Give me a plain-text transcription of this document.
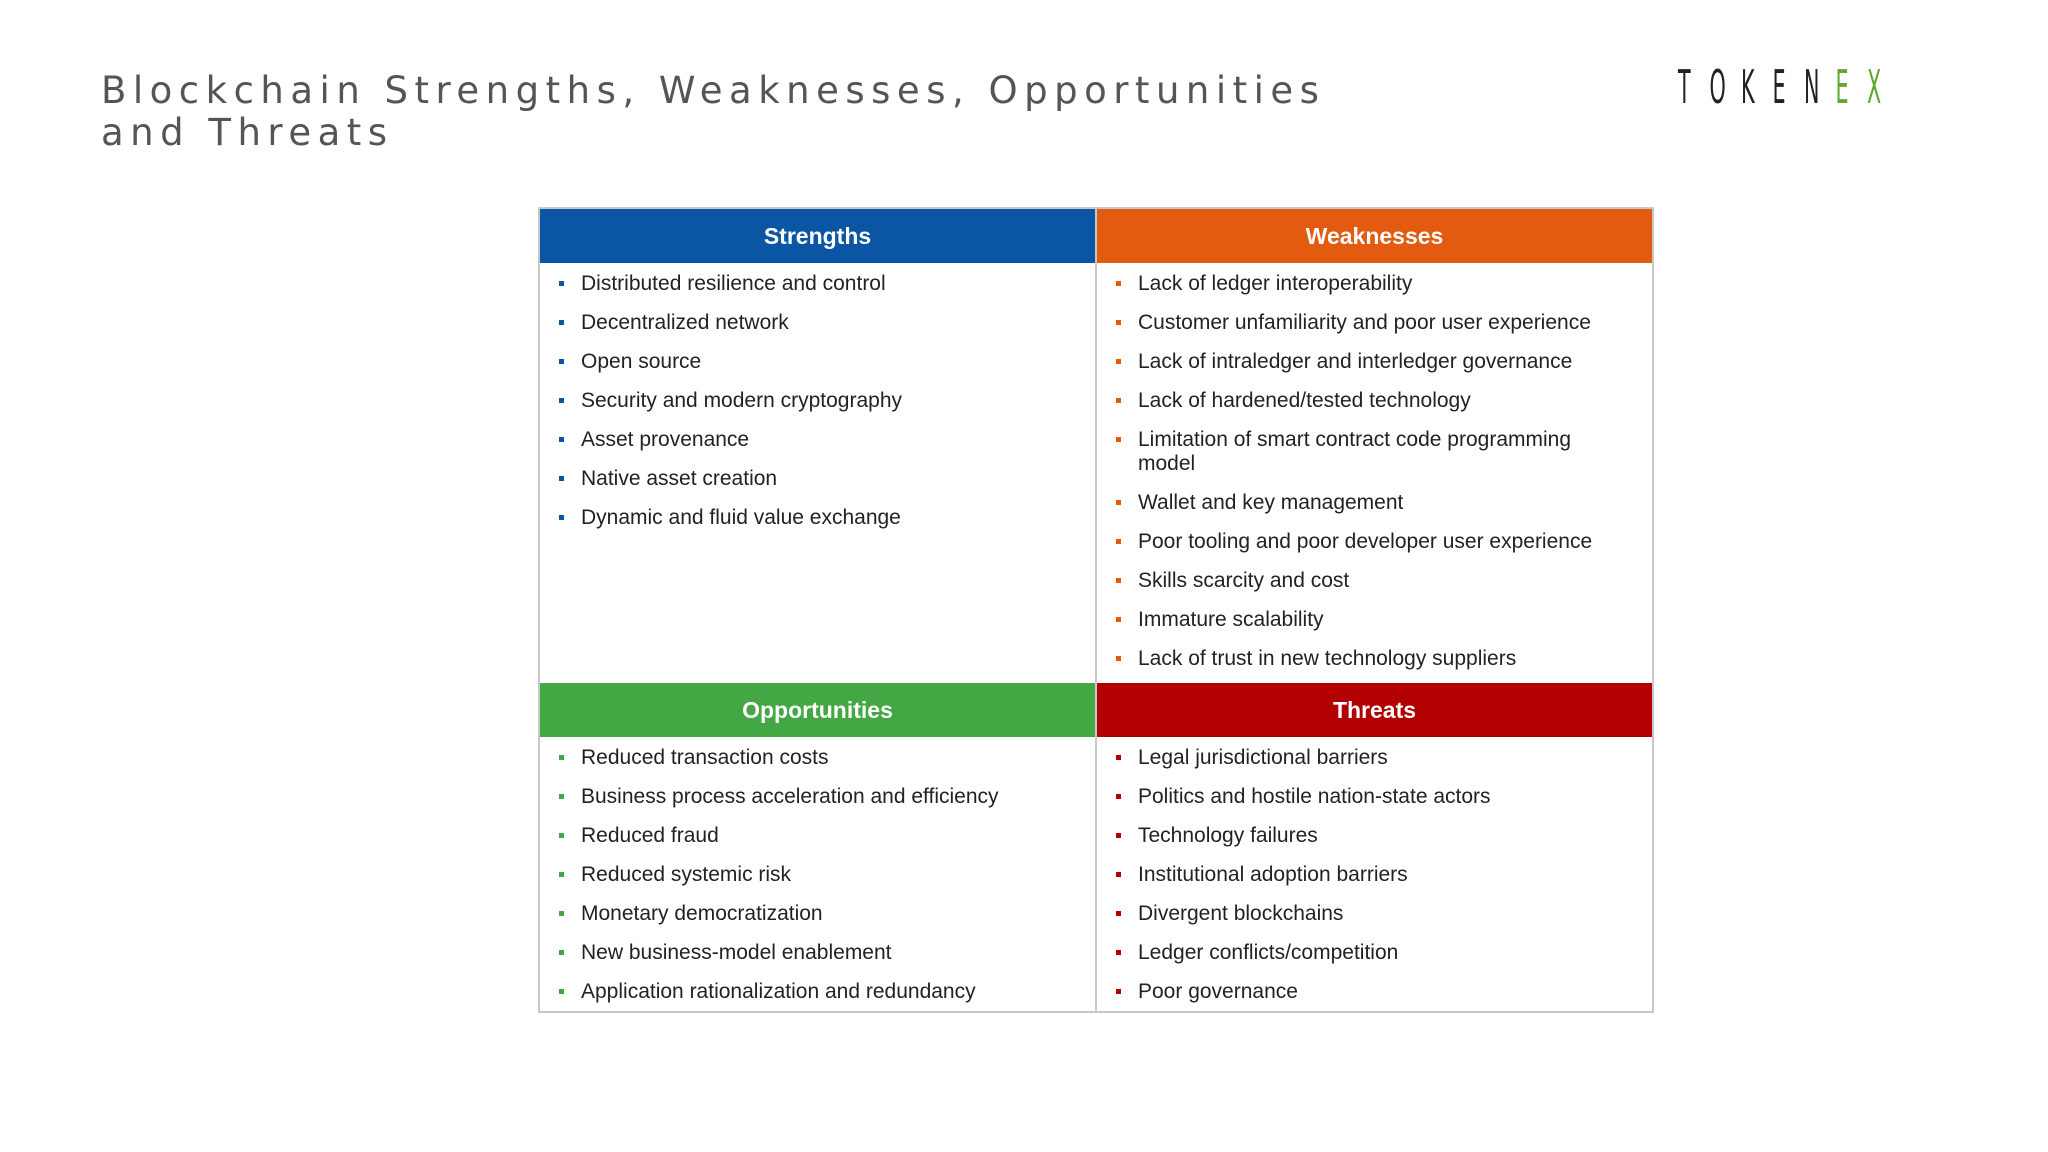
Blockchain Strengths, Weaknesses, Opportunities and Threats
T O K E N E X
Strengths
Distributed resilience and control
Decentralized network
Open source
Security and modern cryptography
Asset provenance
Native asset creation
Dynamic and fluid value exchange
Weaknesses
Lack of ledger interoperability
Customer unfamiliarity and poor user experience
Lack of intraledger and interledger governance
Lack of hardened/tested technology
Limitation of smart contract code programming model
Wallet and key management
Poor tooling and poor developer user experience
Skills scarcity and cost
Immature scalability
Lack of trust in new technology suppliers
Opportunities
Reduced transaction costs
Business process acceleration and efficiency
Reduced fraud
Reduced systemic risk
Monetary democratization
New business-model enablement
Application rationalization and redundancy
Threats
Legal jurisdictional barriers
Politics and hostile nation-state actors
Technology failures
Institutional adoption barriers
Divergent blockchains
Ledger conflicts/competition
Poor governance
